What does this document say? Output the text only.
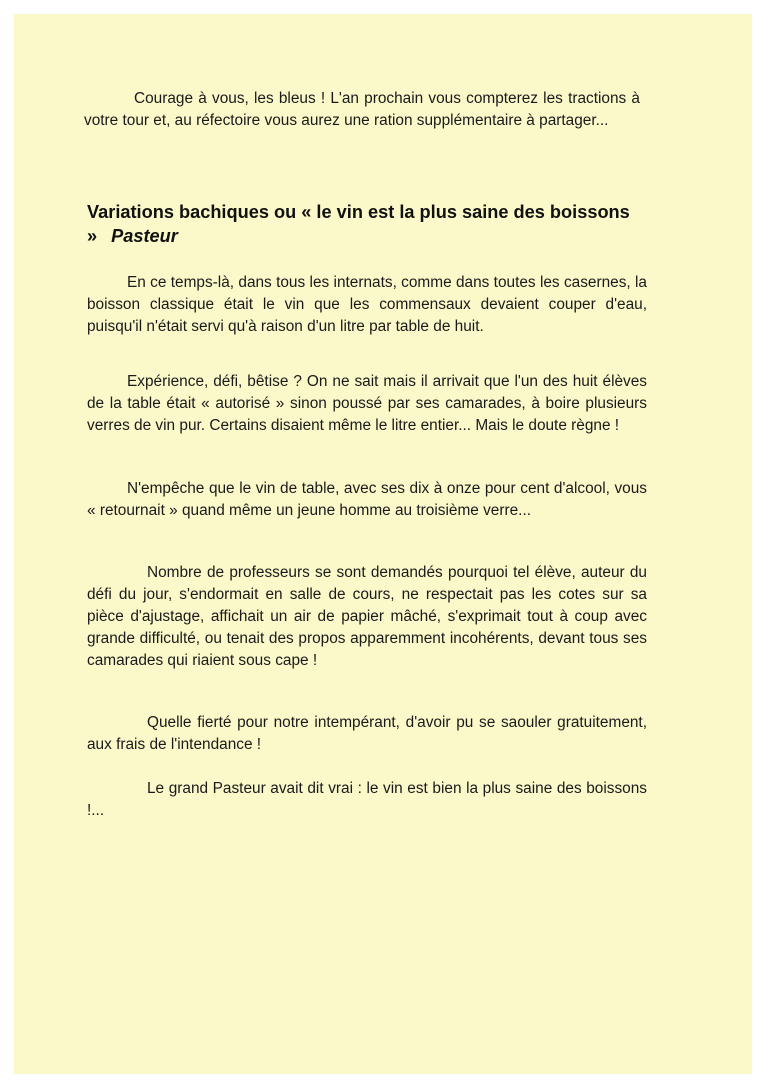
Courage à vous, les bleus ! L'an prochain vous compterez les tractions à votre tour et, au réfectoire vous aurez une ration supplémentaire à partager...

Variations bachiques ou « le vin est la plus saine des boissons » Pasteur

En ce temps-là, dans tous les internats, comme dans toutes les casernes, la boisson classique était le vin que les commensaux devaient couper d'eau, puisqu'il n'était servi qu'à raison d'un litre par table de huit.

Expérience, défi, bêtise ? On ne sait mais il arrivait que l'un des huit élèves de la table était « autorisé » sinon poussé par ses camarades, à boire plusieurs verres de vin pur. Certains disaient même le litre entier... Mais le doute règne !

N'empêche que le vin de table, avec ses dix à onze pour cent d'alcool, vous « retournait » quand même un jeune homme au troisième verre...

Nombre de professeurs se sont demandés pourquoi tel élève, auteur du défi du jour, s'endormait en salle de cours, ne respectait pas les cotes sur sa pièce d'ajustage, affichait un air de papier mâché, s'exprimait tout à coup avec grande difficulté, ou tenait des propos apparemment incohérents, devant tous ses camarades qui riaient sous cape !

Quelle fierté pour notre intempérant, d'avoir pu se saouler gratuitement, aux frais de l'intendance !

Le grand Pasteur avait dit vrai : le vin est bien la plus saine des boissons !...
